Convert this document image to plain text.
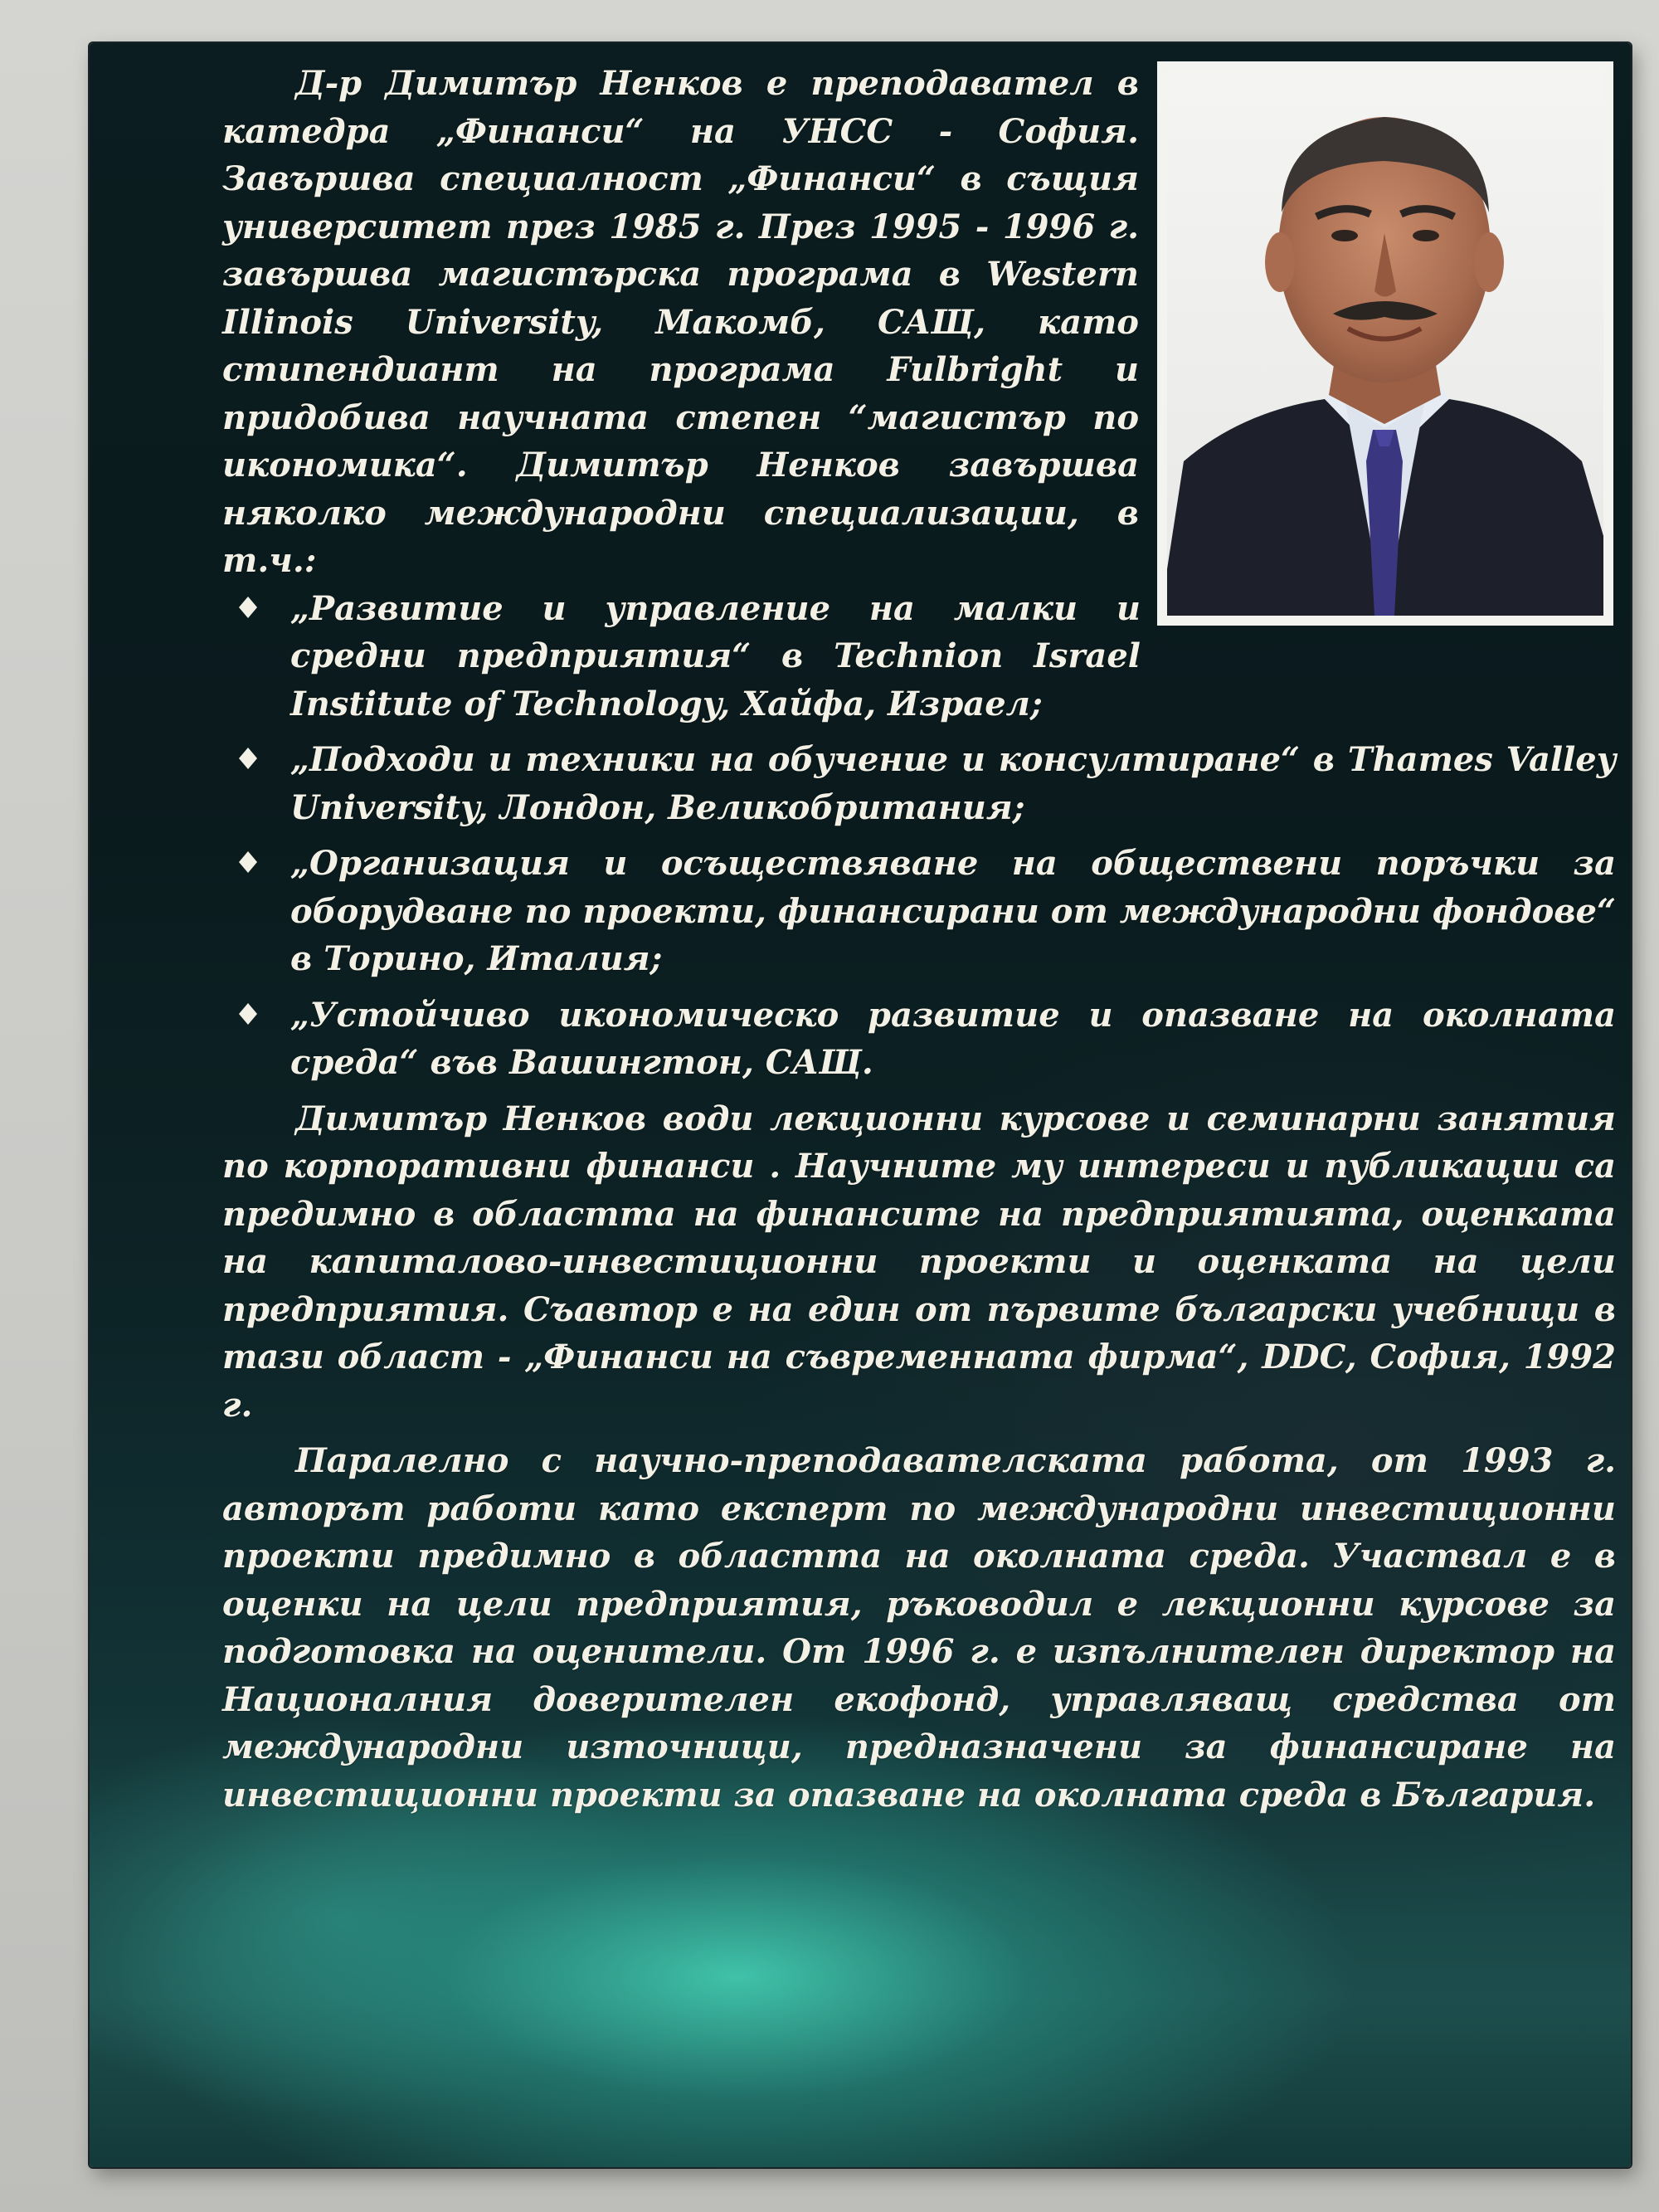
Д-р Димитър Ненков е преподавател в катедра „Финанси“ на УНСС - София. Завършва специалност „Финанси“ в същия университет през 1985 г. През 1995 - 1996 г. завършва магистърска програма в Western Illinois University, Макомб, САЩ, като стипендиант на програма Fulbright и придобива научната степен “магистър по икономика“. Димитър Ненков завършва няколко международни специализации, в т.ч.:

„Развитие и управление на малки и средни предприятия“ в Technion Israel Institute of Technology, Хайфа, Израел;
„Подходи и техники на обучение и консултиране“ в Thames Valley University, Лондон, Великобритания;
„Организация и осъществяване на обществени поръчки за оборудване по проекти, финансирани от международни фондове“ в Торино, Италия;
„Устойчиво икономическо развитие и опазване на околната среда“ във Вашингтон, САЩ.

Димитър Ненков води лекционни курсове и семинарни занятия по корпоративни финанси . Научните му интереси и публикации са предимно в областта на финансите на предприятията, оценката на капиталово-инвестиционни проекти и оценката на цели предприятия. Съавтор е на един от първите български учебници в тази област - „Финанси на съвременната фирма“, DDC, София, 1992 г.

Паралелно с научно-преподавателската работа, от 1993 г. авторът работи като експерт по международни инвестиционни проекти предимно в областта на околната среда. Участвал е в оценки на цели предприятия, ръководил е лекционни курсове за подготовка на оценители. От 1996 г. е изпълнителен директор на Националния доверителен екофонд, управляващ средства от международни източници, предназначени за финансиране на инвестиционни проекти за опазване на околната среда в България.
